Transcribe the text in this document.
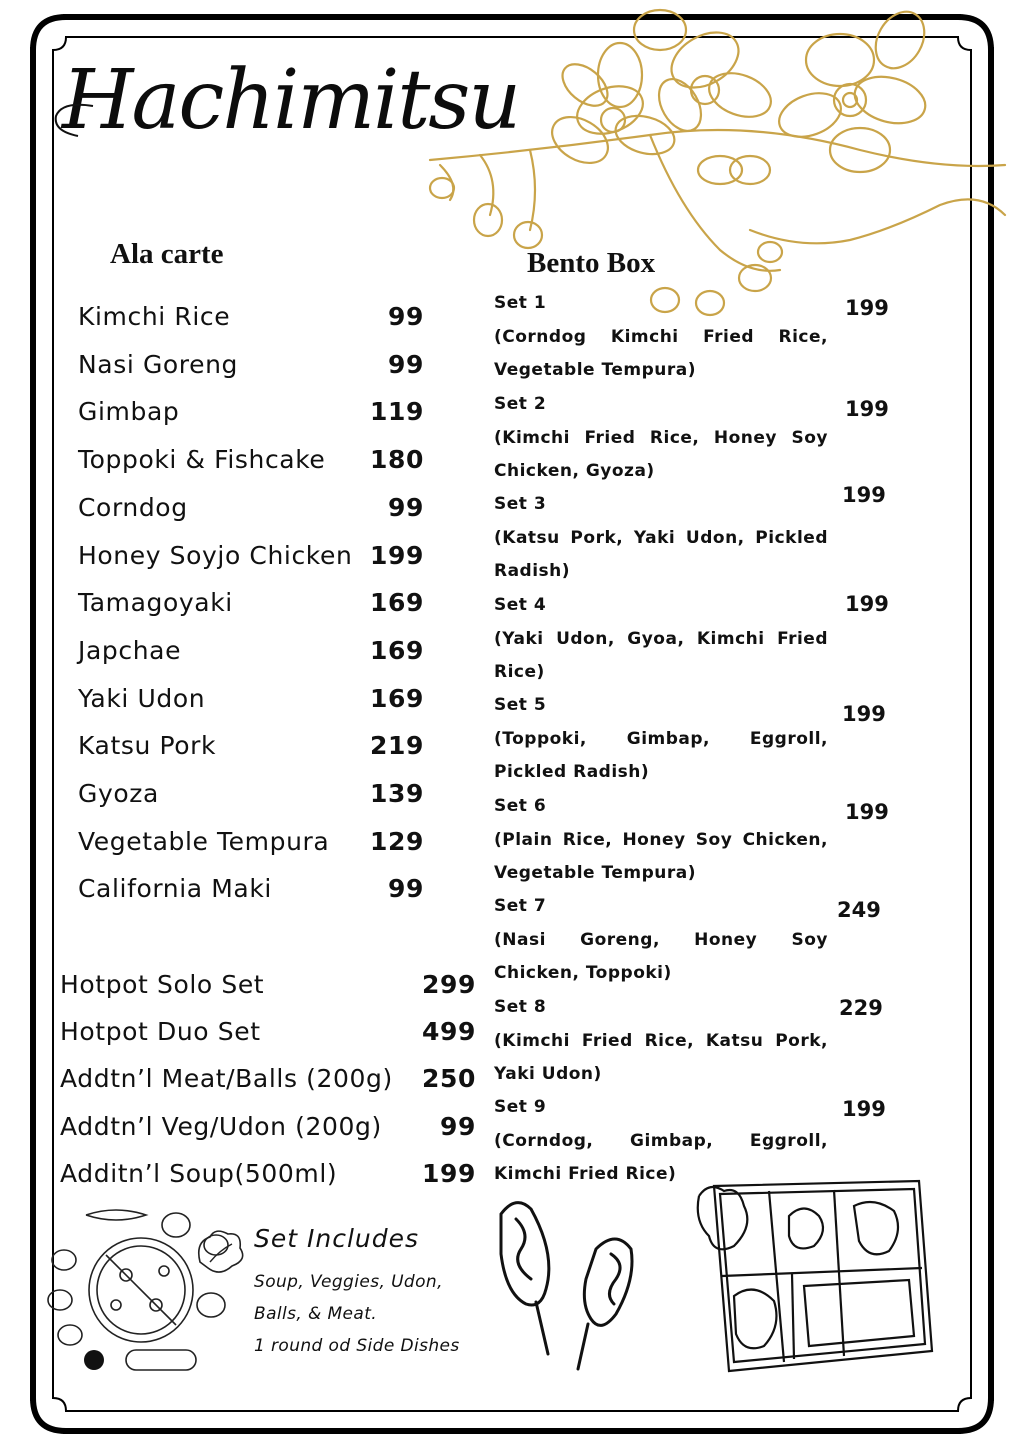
Hachimitsu
Ala carte
Kimchi Rice	99
Nasi Goreng	99
Gimbap	119
Toppoki & Fishcake 180
Corndog	99
Honey Soyjo Chicken 199
Tamagoyaki	169
Japchae	169
Yaki Udon	169
Katsu Pork	219
Gyoza	139
Vegetable Tempura 129
California Maki	99
Hotpot Solo Set	299
Hotpot Duo Set	499
Addtn’l Meat/Balls (200g) 250
Addtn’l Veg/Udon (200g) 99
Additn’l Soup(500ml)	199
Set Includes
Soup, Veggies, Udon,
Balls, & Meat.
1 round od Side Dishes
Bento Box
Set 1
(Corndog Kimchi Fried Rice, Vegetable Tempura)
199
Set 2
(Kimchi Fried Rice, Honey Soy Chicken, Gyoza)
199
Set 3
(Katsu Pork, Yaki Udon, Pickled Radish)
199
Set 4
(Yaki Udon, Gyoa, Kimchi Fried Rice)
199
Set 5
(Toppoki, Gimbap, Eggroll, Pickled Radish)
199
Set 6
(Plain Rice, Honey Soy Chicken, Vegetable Tempura)
199
Set 7
(Nasi Goreng, Honey Soy Chicken, Toppoki)
249
Set 8
(Kimchi Fried Rice, Katsu Pork, Yaki Udon)
229
Set 9
(Corndog, Gimbap, Eggroll, Kimchi Fried Rice)
199
